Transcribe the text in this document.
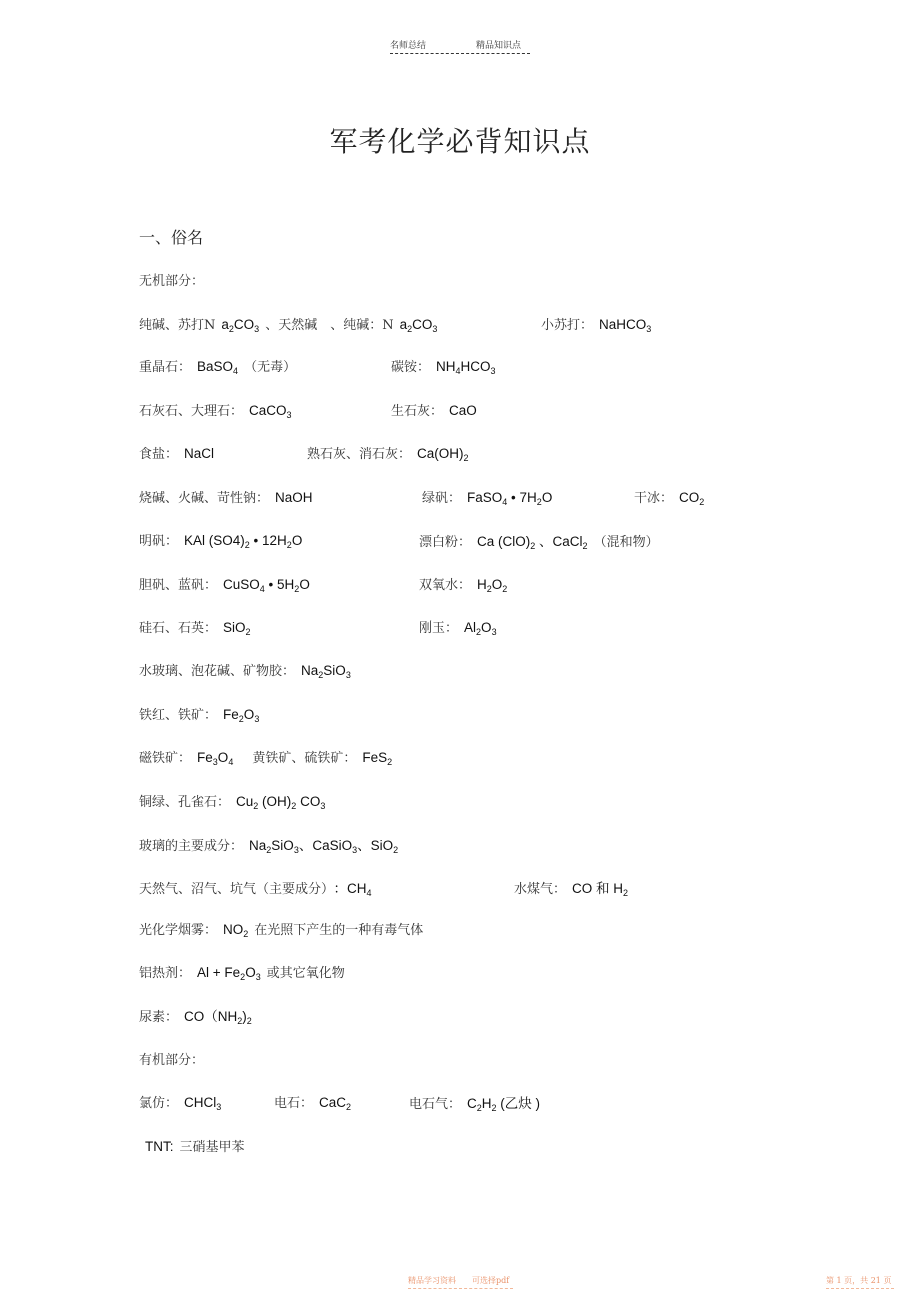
名师总结	精品知识点
军考化学必背知识点
一、俗名
无机部分：
有机部分：
纯碱、苏打N $a_2CO_3$ 、天然碱　、纯碱：N $a_2CO_3$	小苏打： NaHCO$_3$
重晶石： BaSO$_4$ （无毒）	碳铵： $NH_4HCO_3$
石灰石、大理石： CaCO$_3$	生石灰： CaO
食盐： NaCl	熟石灰、消石灰： $Ca(OH)_2$
烧碱、火碱、苛性钠： NaOH	绿矾： FaSO$_4$ • $7H_2O$	干冰： $CO_2$
明矾： KAl $(SO4)_2$ • $12H_2O$	漂白粉： Ca $(ClO)_2$ 、CaCl$_2$ （混和物）
胆矾、蓝矾： CuSO$_4$ • $5H_2O$	双氧水： $H_2O_2$
硅石、石英： SiO$_2$	刚玉： $Al_2O_3$
水玻璃、泡花碱、矿物胶： $Na_2SiO_3$
铁红、铁矿： $Fe_2O_3$
磁铁矿： $Fe_3O_4$　黄铁矿、硫铁矿： FeS$_2$
铜绿、孔雀石： $Cu_2$ $(OH)_2$ $CO_3$
玻璃的主要成分： $Na_2SiO_3$、CaSiO$_3$、SiO$_2$
天然气、沼气、坑气（主要成分） ：$CH_4$	水煤气： CO 和 $H_2$
光化学烟雾： $NO_2$ 在光照下产生的一种有毒气体
铝热剂： $Al + Fe_2O_3$ 或其它氧化物
尿素： $CO(NH_2)_2$
氯仿： CHCl$_3$	电石： CaC$_2$	电石气： $C_2H_2$ (乙炔 )
TNT: 三硝基甲苯
精品学习资料　　可选择pdf	第 1 页，共 21 页
